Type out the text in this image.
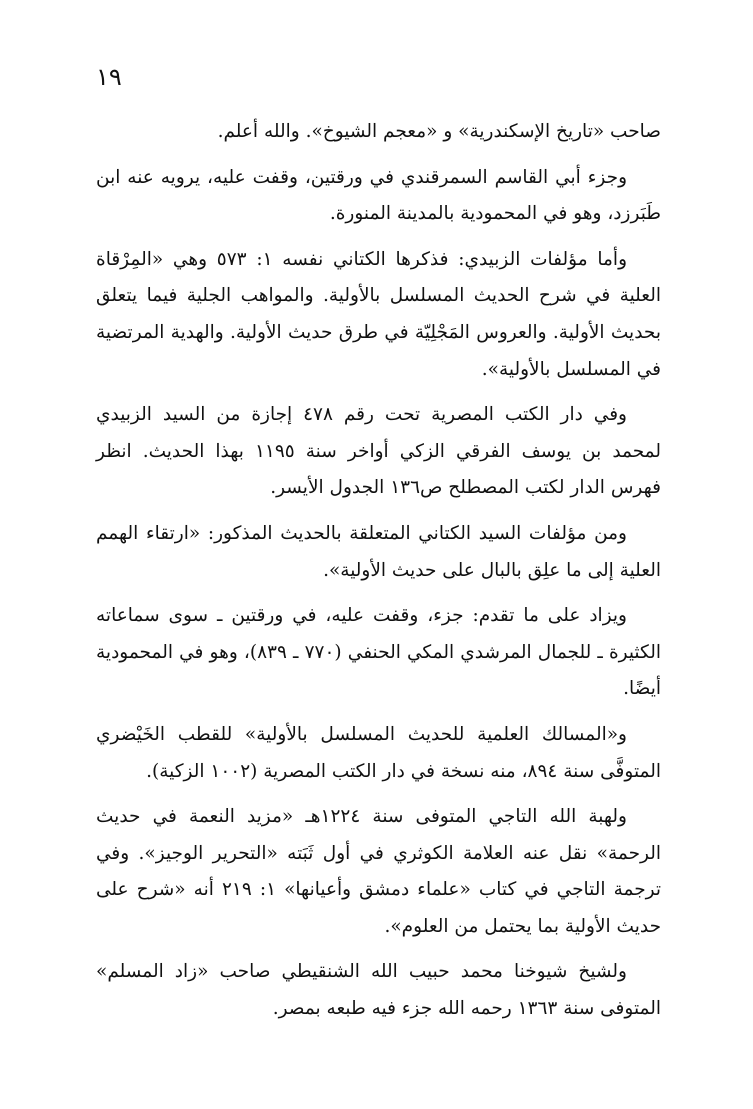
١٩

صاحب «تاريخ الإسكندرية» و «معجم الشيوخ». والله أعلم.

وجزء أبي القاسم السمرقندي في ورقتين، وقفت عليه، يرويه عنه ابن طَبَرزد، وهو في المحمودية بالمدينة المنورة.

وأما مؤلفات الزبيدي: فذكرها الكتاني نفسه ١: ٥٧٣ وهي «المِرْقاة العلية في شرح الحديث المسلسل بالأولية. والمواهب الجلية فيما يتعلق بحديث الأولية. والعروس المَجْلِيّة في طرق حديث الأولية. والهدية المرتضية في المسلسل بالأولية».

وفي دار الكتب المصرية تحت رقم ٤٧٨ إجازة من السيد الزبيدي لمحمد بن يوسف الفرقي الزكي أواخر سنة ١١٩٥ بهذا الحديث. انظر فهرس الدار لكتب المصطلح ص١٣٦ الجدول الأيسر.

ومن مؤلفات السيد الكتاني المتعلقة بالحديث المذكور: «ارتقاء الهمم العلية إلى ما علِق بالبال على حديث الأولية».

ويزاد على ما تقدم: جزء، وقفت عليه، في ورقتين ـ سوى سماعاته الكثيرة ـ للجمال المرشدي المكي الحنفي (٧٧٠ ـ ٨٣٩)، وهو في المحمودية أيضًا.

و«المسالك العلمية للحديث المسلسل بالأولية» للقطب الخَيْضري المتوفَّى سنة ٨٩٤، منه نسخة في دار الكتب المصرية (١٠٠٢ الزكية).

ولهبة الله التاجي المتوفى سنة ١٢٢٤هـ «مزيد النعمة في حديث الرحمة» نقل عنه العلامة الكوثري في أول ثَبَته «التحرير الوجيز». وفي ترجمة التاجي في كتاب «علماء دمشق وأعيانها» ١: ٢١٩ أنه «شرح على حديث الأولية بما يحتمل من العلوم».

ولشيخ شيوخنا محمد حبيب الله الشنقيطي صاحب «زاد المسلم» المتوفى سنة ١٣٦٣ رحمه الله جزء فيه طبعه بمصر.
